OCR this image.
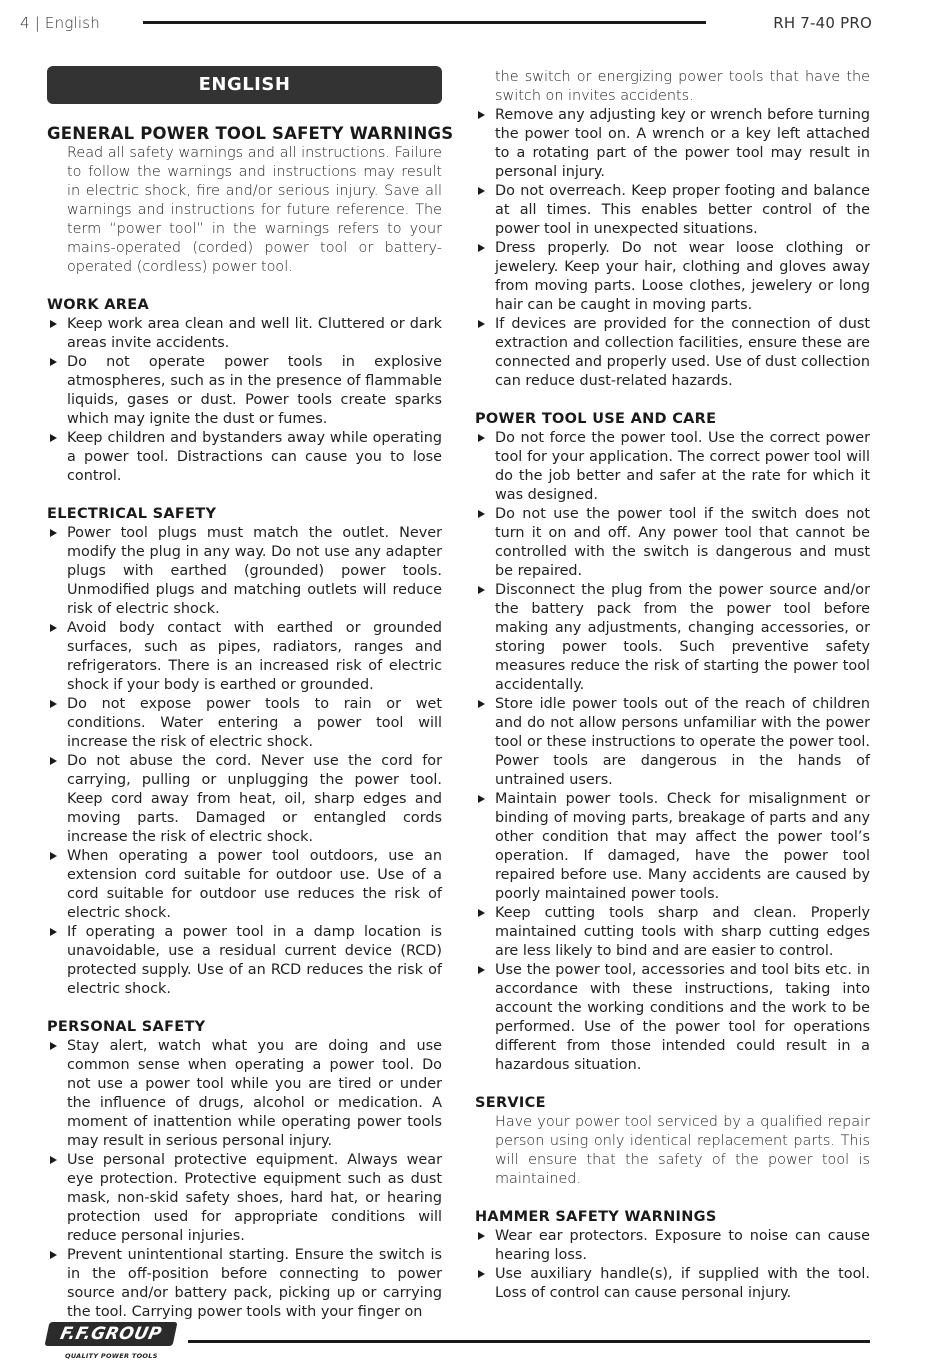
4 | English	RH 7-40 PRO
ENGLISH
GENERAL POWER TOOL SAFETY WARNINGS

Read all safety warnings and all instructions. Failure to follow the warnings and instructions may result in electric shock, fire and/or serious injury. Save all warnings and instructions for future reference. The term “power tool” in the warnings refers to your mains-operated (corded) power tool or battery-operated (cordless) power tool.

WORK AREA
Keep work area clean and well lit. Cluttered or dark areas invite accidents.
Do not operate power tools in explosive atmospheres, such as in the presence of flammable liquids, gases or dust. Power tools create sparks which may ignite the dust or fumes.
Keep children and bystanders away while operating a power tool. Distractions can cause you to lose control.
ELECTRICAL SAFETY
Power tool plugs must match the outlet. Never modify the plug in any way. Do not use any adapter plugs with earthed (grounded) power tools. Unmodified plugs and matching outlets will reduce risk of electric shock.
Avoid body contact with earthed or grounded surfaces, such as pipes, radiators, ranges and refrigerators. There is an increased risk of electric shock if your body is earthed or grounded.
Do not expose power tools to rain or wet conditions. Water entering a power tool will increase the risk of electric shock.
Do not abuse the cord. Never use the cord for carrying, pulling or unplugging the power tool. Keep cord away from heat, oil, sharp edges and moving parts. Damaged or entangled cords increase the risk of electric shock.
When operating a power tool outdoors, use an extension cord suitable for outdoor use. Use of a cord suitable for outdoor use reduces the risk of electric shock.
If operating a power tool in a damp location is unavoidable, use a residual current device (RCD) protected supply. Use of an RCD reduces the risk of electric shock.
PERSONAL SAFETY
Stay alert, watch what you are doing and use common sense when operating a power tool. Do not use a power tool while you are tired or under the influence of drugs, alcohol or medication. A moment of inattention while operating power tools may result in serious personal injury.
Use personal protective equipment. Always wear eye protection. Protective equipment such as dust mask, non-skid safety shoes, hard hat, or hearing protection used for appropriate conditions will reduce personal injuries.
Prevent unintentional starting. Ensure the switch is in the off-position before connecting to power source and/or battery pack, picking up or carrying the tool. Carrying power tools with your finger on

the switch or energizing power tools that have the switch on invites accidents.

Remove any adjusting key or wrench before turning the power tool on. A wrench or a key left attached to a rotating part of the power tool may result in personal injury.
Do not overreach. Keep proper footing and balance at all times. This enables better control of the power tool in unexpected situations.
Dress properly. Do not wear loose clothing or jewelery. Keep your hair, clothing and gloves away from moving parts. Loose clothes, jewelery or long hair can be caught in moving parts.
If devices are provided for the connection of dust extraction and collection facilities, ensure these are connected and properly used. Use of dust collection can reduce dust-related hazards.
POWER TOOL USE AND CARE
Do not force the power tool. Use the correct power tool for your application. The correct power tool will do the job better and safer at the rate for which it was designed.
Do not use the power tool if the switch does not turn it on and off. Any power tool that cannot be controlled with the switch is dangerous and must be repaired.
Disconnect the plug from the power source and/or the battery pack from the power tool before making any adjustments, changing accessories, or storing power tools. Such preventive safety measures reduce the risk of starting the power tool accidentally.
Store idle power tools out of the reach of children and do not allow persons unfamiliar with the power tool or these instructions to operate the power tool. Power tools are dangerous in the hands of untrained users.
Maintain power tools. Check for misalignment or binding of moving parts, breakage of parts and any other condition that may affect the power tool’s operation. If damaged, have the power tool repaired before use. Many accidents are caused by poorly maintained power tools.
Keep cutting tools sharp and clean. Properly maintained cutting tools with sharp cutting edges are less likely to bind and are easier to control.
Use the power tool, accessories and tool bits etc. in accordance with these instructions, taking into account the working conditions and the work to be performed. Use of the power tool for operations different from those intended could result in a hazardous situation.
SERVICE

Have your power tool serviced by a qualified repair person using only identical replacement parts. This will ensure that the safety of the power tool is maintained.

HAMMER SAFETY WARNINGS
Wear ear protectors. Exposure to noise can cause hearing loss.
Use auxiliary handle(s), if supplied with the tool. Loss of control can cause personal injury.
F.F.GROUP
QUALITY POWER TOOLS
